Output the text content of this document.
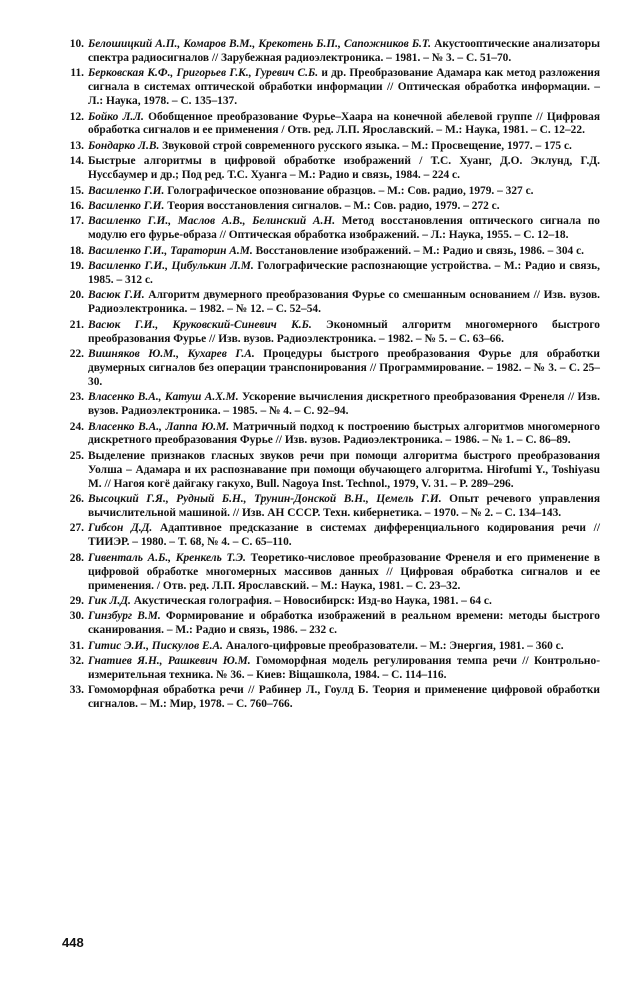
10. Белошицкий А.П., Комаров В.М., Крекотень Б.П., Сапожников Б.Т. Акустооптические анализаторы спектра радиосигналов // Зарубежная радиоэлектроника. – 1981. – № 3. – С. 51–70.
11. Берковская К.Ф., Григорьев Г.К., Гуревич С.Б. и др. Преобразование Адамара как метод разложения сигнала в системах оптической обработки информации // Оптическая обработка информации. – Л.: Наука, 1978. – С. 135–137.
12. Бойко Л.Л. Обобщенное преобразование Фурье–Хаара на конечной абелевой группе // Цифровая обработка сигналов и ее применения / Отв. ред. Л.П. Ярославский. – М.: Наука, 1981. – С. 12–22.
13. Бондарко Л.В. Звуковой строй современного русского языка. – М.: Просвещение, 1977. – 175 с.
14. Быстрые алгоритмы в цифровой обработке изображений / Т.С. Хуанг, Д.О. Эклунд, Г.Д. Нуссбаумер и др.; Под ред. Т.С. Хуанга – М.: Радио и связь, 1984. – 224 с.
15. Василенко Г.И. Голографическое опознование образцов. – М.: Сов. радио, 1979. – 327 с.
16. Василенко Г.И. Теория восстановления сигналов. – М.: Сов. радио, 1979. – 272 с.
17. Василенко Г.И., Маслов А.В., Белинский А.Н. Метод восстановления оптического сигнала по модулю его фурье-образа // Оптическая обработка изображений. – Л.: Наука, 1955. – С. 12–18.
18. Василенко Г.И., Тараторин А.М. Восстановление изображений. – М.: Радио и связь, 1986. – 304 с.
19. Василенко Г.И., Цибулькин Л.М. Голографические распознающие устройства. – М.: Радио и связь, 1985. – 312 с.
20. Васюк Г.И. Алгоритм двумерного преобразования Фурье со смешанным основанием // Изв. вузов. Радиоэлектроника. – 1982. – № 12. – С. 52–54.
21. Васюк Г.И., Круковский-Синевич К.Б. Экономный алгоритм многомерного быстрого преобразования Фурье // Изв. вузов. Радиоэлектроника. – 1982. – № 5. – С. 63–66.
22. Вишняков Ю.М., Кухарев Г.А. Процедуры быстрого преобразования Фурье для обработки двумерных сигналов без операции транспонирования // Программирование. – 1982. – № 3. – С. 25–30.
23. Власенко В.А., Катуш А.Х.М. Ускорение вычисления дискретного преобразования Френеля // Изв. вузов. Радиоэлектроника. – 1985. – № 4. – С. 92–94.
24. Власенко В.А., Лаппа Ю.М. Матричный подход к построению быстрых алгоритмов многомерного дискретного преобразования Фурье // Изв. вузов. Радиоэлектроника. – 1986. – № 1. – С. 86–89.
25. Выделение признаков гласных звуков речи при помощи алгоритма быстрого преобразования Уолша – Адамара и их распознавание при помощи обучающего алгоритма. Hirofumi Y., Toshiyasu M. // Нагоя когё дайгаку гакухо, Bull. Nagoya Inst. Technol., 1979, V. 31. – P. 289–296.
26. Высоцкий Г.Я., Рудный Б.Н., Трунин-Донской В.Н., Цемель Г.И. Опыт речевого управления вычислительной машиной. // Изв. АН СССР. Техн. кибернетика. – 1970. – № 2. – С. 134–143.
27. Гибсон Д.Д. Адаптивное предсказание в системах дифференциального кодирования речи // ТИИЭР. – 1980. – Т. 68, № 4. – С. 65–110.
28. Гивенталь А.Б., Кренкель Т.Э. Теоретико-числовое преобразование Френеля и его применение в цифровой обработке многомерных массивов данных // Цифровая обработка сигналов и ее применения. / Отв. ред. Л.П. Ярославский. – М.: Наука, 1981. – С. 23–32.
29. Гик Л.Д. Акустическая голография. – Новосибирск: Изд-во Наука, 1981. – 64 с.
30. Гинзбург В.М. Формирование и обработка изображений в реальном времени: методы быстрого сканирования. – М.: Радио и связь, 1986. – 232 с.
31. Гитис Э.И., Пискулов Е.А. Аналого-цифровые преобразователи. – М.: Энергия, 1981. – 360 с.
32. Гнатиев Я.Н., Рашкевич Ю.М. Гомоморфная модель регулирования темпа речи // Контрольно-измерительная техника. № 36. – Киев: Віщашкола, 1984. – С. 114–116.
33. Гомоморфная обработка речи // Рабинер Л., Гоулд Б. Теория и применение цифровой обработки сигналов. – М.: Мир, 1978. – С. 760–766.
448
